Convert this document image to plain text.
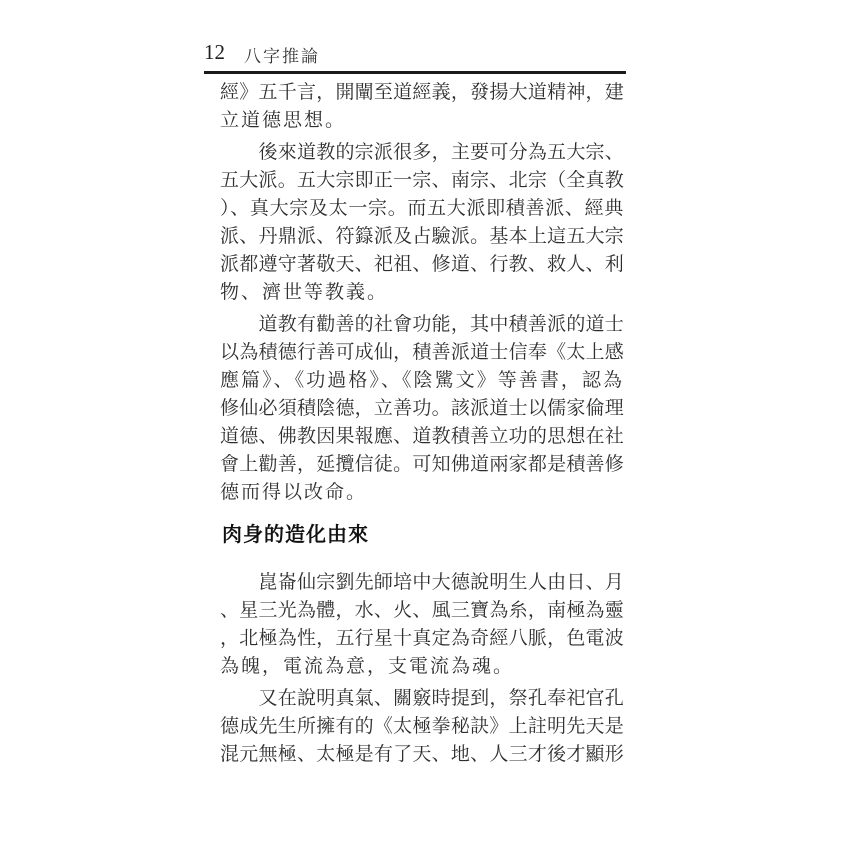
12 八字推論
經》五千言，開闡至道經義，發揚大道精神，建
立道德思想。
　　後來道教的宗派很多，主要可分為五大宗、
五大派。五大宗即正一宗、南宗、北宗（全真教
）、真大宗及太一宗。而五大派即積善派、經典
派、丹鼎派、符籙派及占驗派。基本上這五大宗
派都遵守著敬天、祀祖、修道、行教、救人、利
物、濟世等教義。
　　道教有勸善的社會功能，其中積善派的道士
以為積德行善可成仙，積善派道士信奉《太上感
應篇》、《功過格》、《陰騭文》等善書，認為
修仙必須積陰德，立善功。該派道士以儒家倫理
道德、佛教因果報應、道教積善立功的思想在社
會上勸善，延攬信徒。可知佛道兩家都是積善修
德而得以改命。
肉身的造化由來
　　崑崙仙宗劉先師培中大德說明生人由日、月
、星三光為體，水、火、風三寶為糸，南極為靈
，北極為性，五行星十真定為奇經八脈，色電波
為魄，電流為意，支電流為魂。
　　又在說明真氣、關竅時提到，祭孔奉祀官孔
德成先生所擁有的《太極拳秘訣》上註明先天是
混元無極、太極是有了天、地、人三才後才顯形
